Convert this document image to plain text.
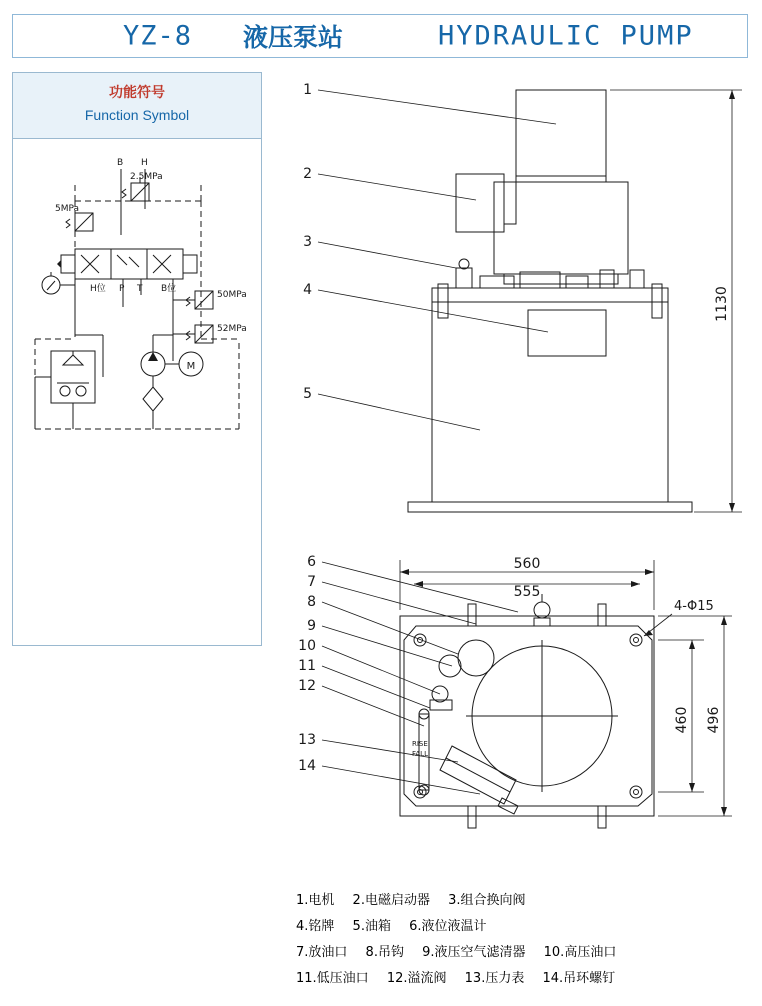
YZ-8 液压泵站	HYDRAULIC PUMP
功能符号
Function Symbol
M
B H
2.5MPa
5MPa
50MPa
52MPa
H位	B位
P T
1
2
3
4
5
1130
6
7
8
9
10
11
12
13
14
560
555
460 496
4-Φ15
RISE
FALL
1.电机 2.电磁启动器 3.组合换向阀
4.铭牌 5.油箱 6.液位液温计
7.放油口 8.吊钩 9.液压空气滤清器 10.高压油口
11.低压油口 12.溢流阀 13.压力表 14.吊环螺钉
